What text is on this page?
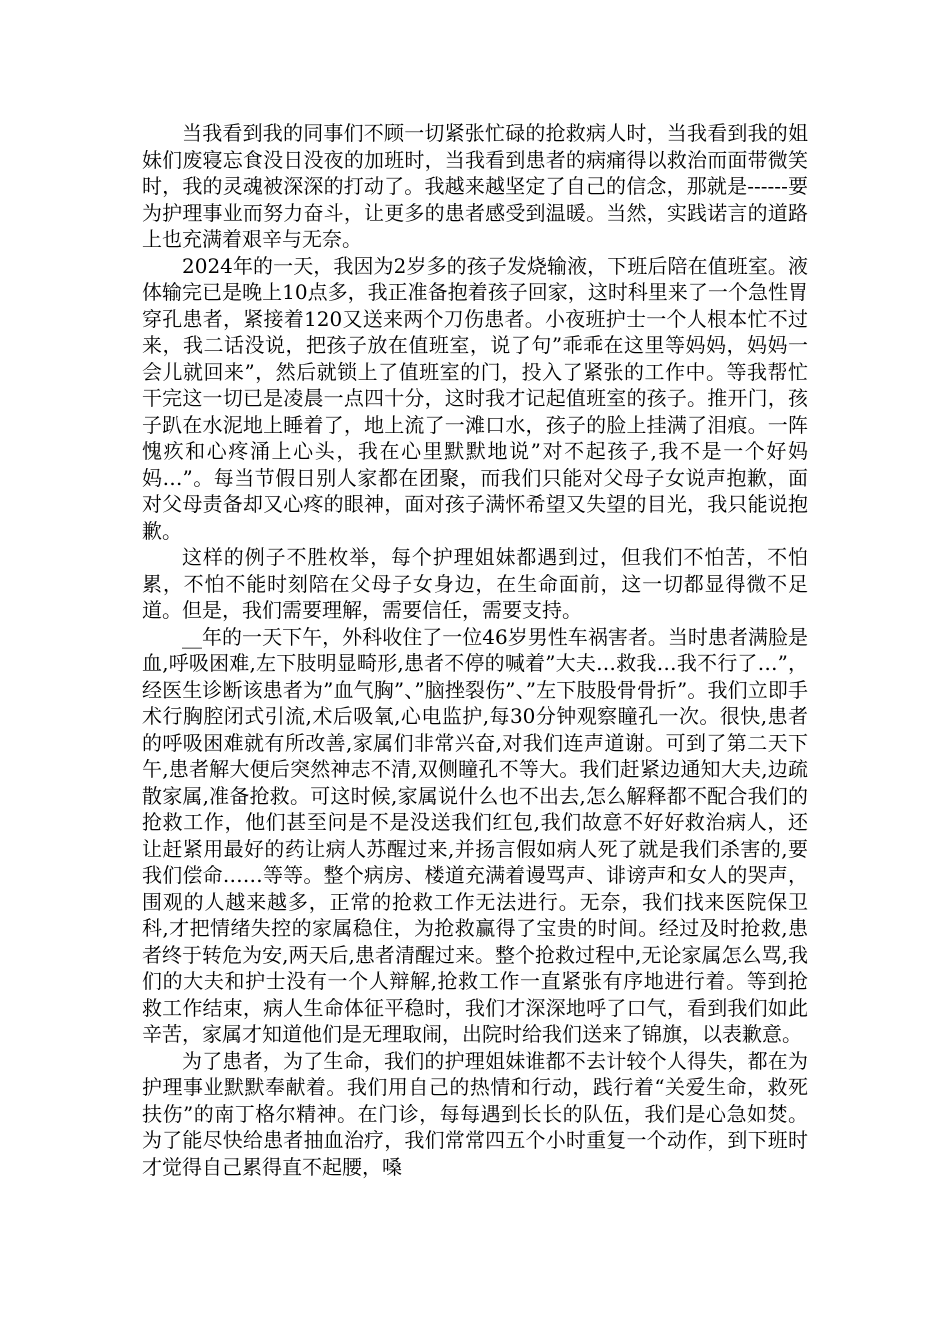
当我看到我的同事们不顾一切紧张忙碌的抢救病人时，当我看到我的姐妹们废寝忘食没日没夜的加班时，当我看到患者的病痛得以救治而面带微笑时，我的灵魂被深深的打动了。我越来越坚定了自己的信念，那就是------要为护理事业而努力奋斗，让更多的患者感受到温暖。当然，实践诺言的道路上也充满着艰辛与无奈。

2024年的一天，我因为2岁多的孩子发烧输液，下班后陪在值班室。液体输完已是晚上10点多，我正准备抱着孩子回家，这时科里来了一个急性胃穿孔患者，紧接着120又送来两个刀伤患者。小夜班护士一个人根本忙不过来，我二话没说，把孩子放在值班室，说了句”乖乖在这里等妈妈，妈妈一会儿就回来”，然后就锁上了值班室的门，投入了紧张的工作中。等我帮忙干完这一切已是凌晨一点四十分，这时我才记起值班室的孩子。推开门，孩子趴在水泥地上睡着了，地上流了一滩口水，孩子的脸上挂满了泪痕。一阵愧疚和心疼涌上心头，我在心里默默地说”对不起孩子,我不是一个好妈妈…”。每当节假日别人家都在团聚，而我们只能对父母子女说声抱歉，面对父母责备却又心疼的眼神，面对孩子满怀希望又失望的目光，我只能说抱歉。

这样的例子不胜枚举，每个护理姐妹都遇到过，但我们不怕苦，不怕累，不怕不能时刻陪在父母子女身边，在生命面前，这一切都显得微不足道。但是，我们需要理解，需要信任，需要支持。

__年的一天下午，外科收住了一位46岁男性车祸害者。当时患者满脸是血,呼吸困难,左下肢明显畸形,患者不停的喊着”大夫…救我…我不行了…”，经医生诊断该患者为”血气胸”、”脑挫裂伤”、”左下肢股骨骨折”。我们立即手术行胸腔闭式引流,术后吸氧,心电监护,每30分钟观察瞳孔一次。很快,患者的呼吸困难就有所改善,家属们非常兴奋,对我们连声道谢。可到了第二天下午,患者解大便后突然神志不清,双侧瞳孔不等大。我们赶紧边通知大夫,边疏散家属,准备抢救。可这时候,家属说什么也不出去,怎么解释都不配合我们的抢救工作，他们甚至问是不是没送我们红包,我们故意不好好救治病人，还让赶紧用最好的药让病人苏醒过来,并扬言假如病人死了就是我们杀害的,要我们偿命……等等。整个病房、楼道充满着谩骂声、诽谤声和女人的哭声，围观的人越来越多，正常的抢救工作无法进行。无奈，我们找来医院保卫科,才把情绪失控的家属稳住，为抢救赢得了宝贵的时间。经过及时抢救,患者终于转危为安,两天后,患者清醒过来。整个抢救过程中,无论家属怎么骂,我们的大夫和护士没有一个人辩解,抢救工作一直紧张有序地进行着。等到抢救工作结束，病人生命体征平稳时，我们才深深地呼了口气，看到我们如此辛苦，家属才知道他们是无理取闹，出院时给我们送来了锦旗，以表歉意。

为了患者，为了生命，我们的护理姐妹谁都不去计较个人得失，都在为护理事业默默奉献着。我们用自己的热情和行动，践行着“关爱生命，救死扶伤”的南丁格尔精神。在门诊，每每遇到长长的队伍，我们是心急如焚。为了能尽快给患者抽血治疗，我们常常四五个小时重复一个动作，到下班时才觉得自己累得直不起腰，嗓
